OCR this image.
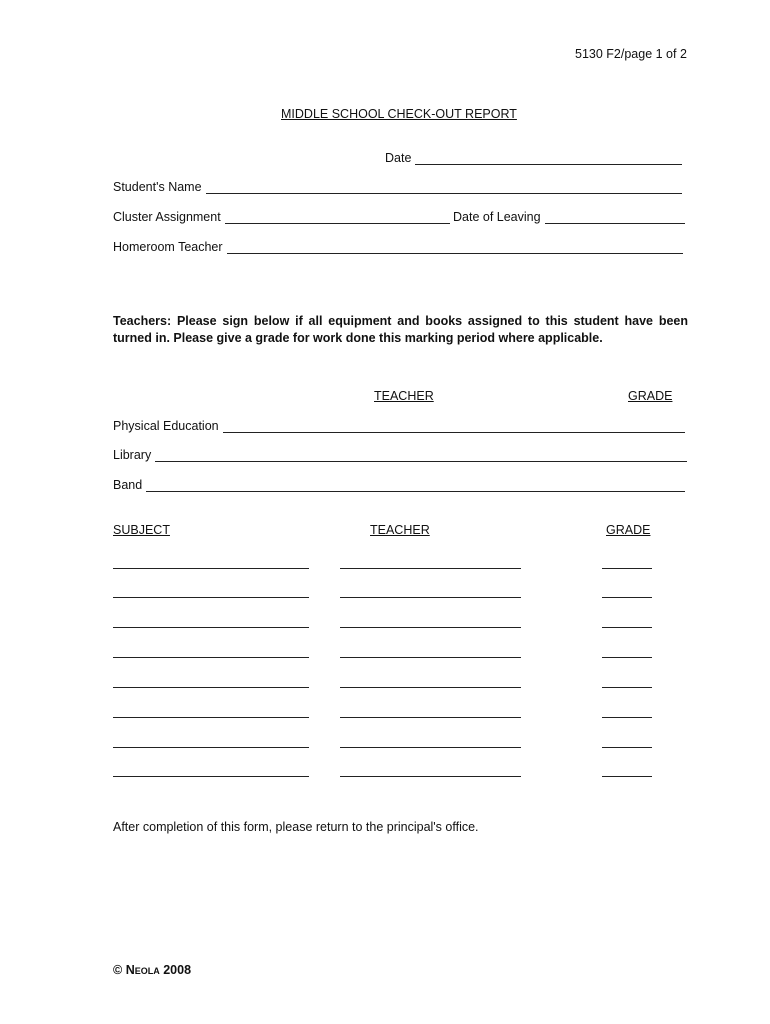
5130 F2/page 1 of 2
MIDDLE SCHOOL CHECK-OUT REPORT
Date
Student's Name
Cluster Assignment	Date of Leaving
Homeroom Teacher
Teachers: Please sign below if all equipment and books assigned to this student have been turned in. Please give a grade for work done this marking period where applicable.
TEACHER	GRADE
Physical Education
Library
Band
SUBJECT	TEACHER	GRADE
After completion of this form, please return to the principal's office.
© Neola 2008
